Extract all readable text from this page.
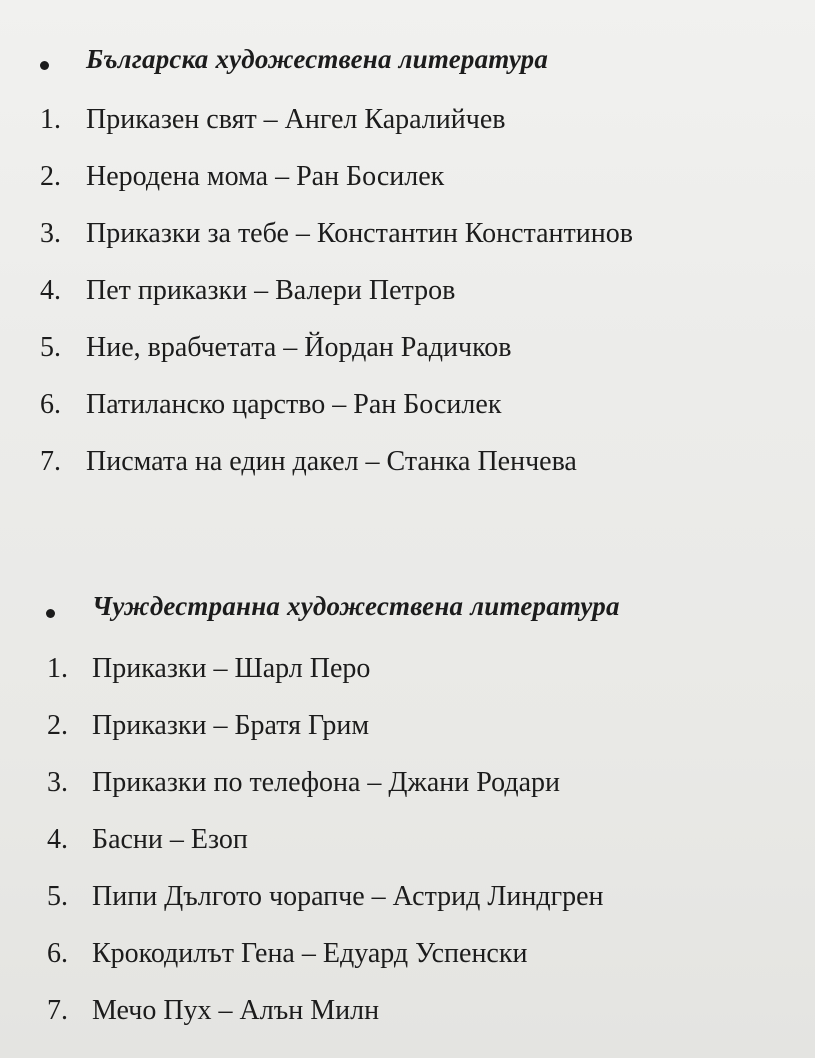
Българска художествена литература
1. Приказен свят – Ангел Каралийчев
2. Неродена мома – Ран Босилек
3. Приказки за тебе – Константин Константинов
4. Пет приказки – Валери Петров
5. Ние, врабчетата – Йордан Радичков
6. Патиланско царство – Ран Босилек
7. Писмата на един дакел – Станка Пенчева
Чуждестранна художествена литература
1. Приказки – Шарл Перо
2. Приказки – Братя Грим
3. Приказки по телефона – Джани Родари
4. Басни – Езоп
5. Пипи Дългото чорапче – Астрид Линдгрен
6. Крокодилът Гена – Едуард Успенски
7. Мечо Пух – Алън Милн
